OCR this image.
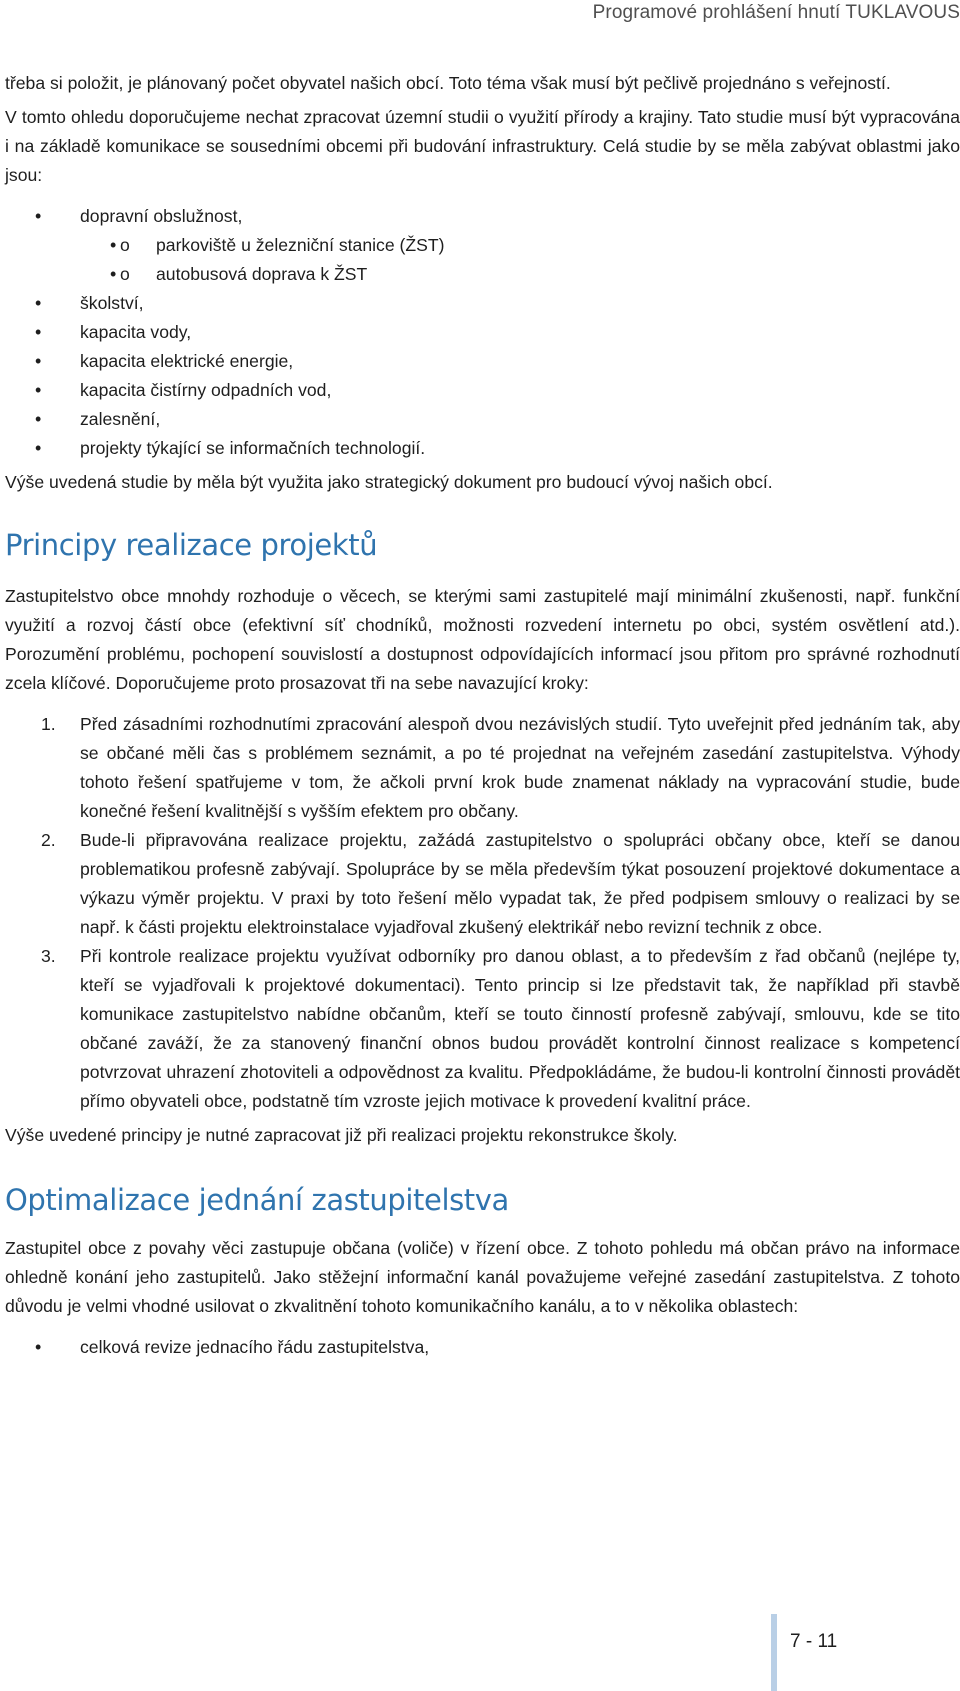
Programové prohlášení hnutí TUKLAVOUS

třeba si položit, je plánovaný počet obyvatel našich obcí. Toto téma však musí být pečlivě projednáno s veřejností.

V tomto ohledu doporučujeme nechat zpracovat územní studii o využití přírody a krajiny. Tato studie musí být vypracována i na základě komunikace se sousedními obcemi při budování infrastruktury. Celá studie by se měla zabývat oblastmi jako jsou:

• dopravní obslužnost,
• o parkoviště u železniční stanice (ŽST)
• o autobusová doprava k ŽST
• školství,
• kapacita vody,
• kapacita elektrické energie,
• kapacita čistírny odpadních vod,
• zalesnění,
• projekty týkající se informačních technologií.

Výše uvedená studie by měla být využita jako strategický dokument pro budoucí vývoj našich obcí.

Principy realizace projektů

Zastupitelstvo obce mnohdy rozhoduje o věcech, se kterými sami zastupitelé mají minimální zkušenosti, např. funkční využití a rozvoj částí obce (efektivní síť chodníků, možnosti rozvedení internetu po obci, systém osvětlení atd.). Porozumění problému, pochopení souvislostí a dostupnost odpovídajících informací jsou přitom pro správné rozhodnutí zcela klíčové. Doporučujeme proto prosazovat tři na sebe navazující kroky:

1. Před zásadními rozhodnutími zpracování alespoň dvou nezávislých studií. Tyto uveřejnit před jednáním tak, aby se občané měli čas s problémem seznámit, a po té projednat na veřejném zasedání zastupitelstva. Výhody tohoto řešení spatřujeme v tom, že ačkoli první krok bude znamenat náklady na vypracování studie, bude konečné řešení kvalitnější s vyšším efektem pro občany.
2. Bude-li připravována realizace projektu, zažádá zastupitelstvo o spolupráci občany obce, kteří se danou problematikou profesně zabývají. Spolupráce by se měla především týkat posouzení projektové dokumentace a výkazu výměr projektu. V praxi by toto řešení mělo vypadat tak, že před podpisem smlouvy o realizaci by se např. k části projektu elektroinstalace vyjadřoval zkušený elektrikář nebo revizní technik z obce.
3. Při kontrole realizace projektu využívat odborníky pro danou oblast, a to především z řad občanů (nejlépe ty, kteří se vyjadřovali k projektové dokumentaci). Tento princip si lze představit tak, že například při stavbě komunikace zastupitelstvo nabídne občanům, kteří se touto činností profesně zabývají, smlouvu, kde se tito občané zaváží, že za stanovený finanční obnos budou provádět kontrolní činnost realizace s kompetencí potvrzovat uhrazení zhotoviteli a odpovědnost za kvalitu. Předpokládáme, že budou-li kontrolní činnosti provádět přímo obyvateli obce, podstatně tím vzroste jejich motivace k provedení kvalitní práce.

Výše uvedené principy je nutné zapracovat již při realizaci projektu rekonstrukce školy.

Optimalizace jednání zastupitelstva

Zastupitel obce z povahy věci zastupuje občana (voliče) v řízení obce. Z tohoto pohledu má občan právo na informace ohledně konání jeho zastupitelů. Jako stěžejní informační kanál považujeme veřejné zasedání zastupitelstva. Z tohoto důvodu je velmi vhodné usilovat o zkvalitnění tohoto komunikačního kanálu, a to v několika oblastech:

• celková revize jednacího řádu zastupitelstva,
7 - 11
